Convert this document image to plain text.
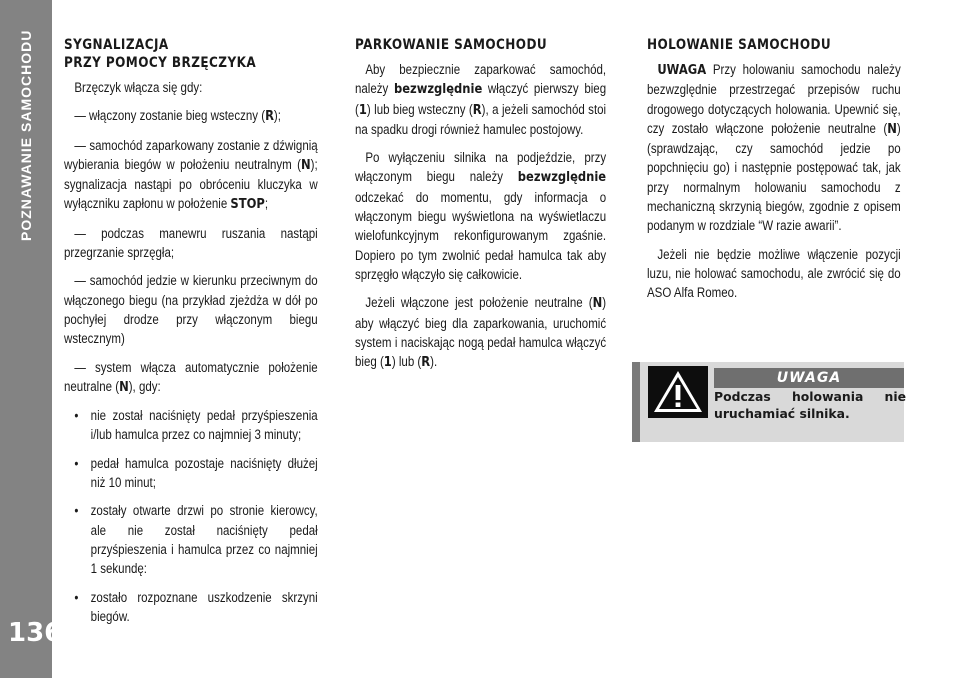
POZNAWANIE SAMOCHODU
136
SYGNALIZACJA
PRZY POMOCY BRZĘCZYKA

Brzęczyk włącza się gdy:

— włączony zostanie bieg wsteczny (R);

— samochód zaparkowany zostanie z dźwignią wybierania biegów w położeniu neutralnym (N); sygnalizacja nastąpi po obróceniu kluczyka w wyłączniku zapłonu w położenie STOP;

— podczas manewru ruszania nastąpi przegrzanie sprzęgła;

— samochód jedzie w kierunku przeciwnym do włączonego biegu (na przykład zjeżdża w dół po pochyłej drodze przy włączonym biegu wstecznym)

— system włącza automatycznie położenie neutralne (N), gdy:

• nie został naciśnięty pedał przyśpieszenia i/lub hamulca przez co najmniej 3 minuty;
• pedał hamulca pozostaje naciśnięty dłużej niż 10 minut;
• zostały otwarte drzwi po stronie kierowcy, ale nie został naciśnięty pedał przyśpieszenia i hamulca przez co najmniej 1 sekundę:
• zostało rozpoznane uszkodzenie skrzyni biegów.
PARKOWANIE SAMOCHODU

Aby bezpiecznie zaparkować samochód, należy bezwzględnie włączyć pierwszy bieg (1) lub bieg wsteczny (R), a jeżeli samochód stoi na spadku drogi również hamulec postojowy.

Po wyłączeniu silnika na podjeździe, przy włączonym biegu należy bezwzględnie odczekać do momentu, gdy informacja o włączonym biegu wyświetlona na wyświetlaczu wielofunkcyjnym rekonfigurowanym zgaśnie. Dopiero po tym zwolnić pedał hamulca tak aby sprzęgło włączyło się całkowicie.

Jeżeli włączone jest położenie neutralne (N) aby włączyć bieg dla zaparkowania, uruchomić system i naciskając nogą pedał hamulca włączyć bieg (1) lub (R).

HOLOWANIE SAMOCHODU

UWAGA Przy holowaniu samochodu należy bezwzględnie przestrzegać przepisów ruchu drogowego dotyczących holowania. Upewnić się, czy zostało włączone położenie neutralne (N) (sprawdzając, czy samochód jedzie po popchnięciu go) i następnie postępować tak, jak przy normalnym holowaniu samochodu z mechaniczną skrzynią biegów, zgodnie z opisem podanym w rozdziale “W razie awarii”.

Jeżeli nie będzie możliwe włączenie pozycji luzu, nie holować samochodu, ale zwrócić się do ASO Alfa Romeo.

UWAGA
Podczas holowania nie uruchamiać silnika.
